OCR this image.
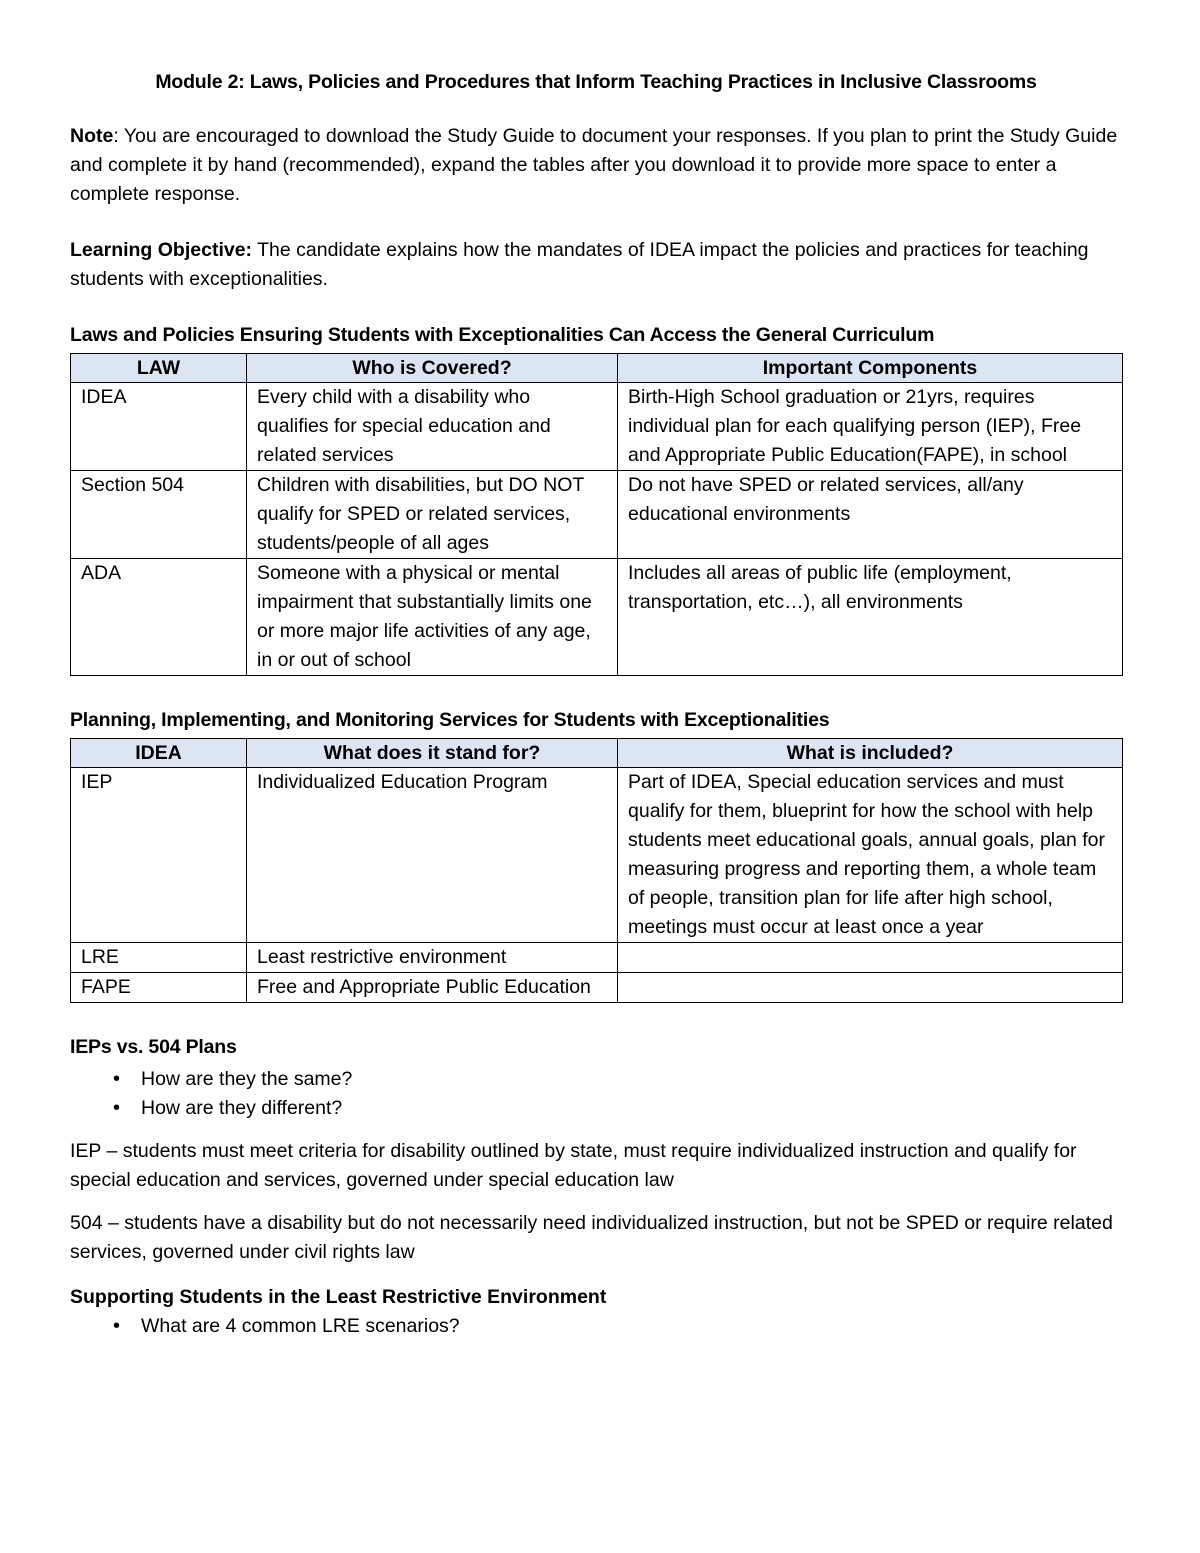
Module 2: Laws, Policies and Procedures that Inform Teaching Practices in Inclusive Classrooms

Note: You are encouraged to download the Study Guide to document your responses. If you plan to print the Study Guide and complete it by hand (recommended), expand the tables after you download it to provide more space to enter a complete response.

Learning Objective: The candidate explains how the mandates of IDEA impact the policies and practices for teaching students with exceptionalities.

Laws and Policies Ensuring Students with Exceptionalities Can Access the General Curriculum

LAW	Who is Covered?	Important Components
IDEA	Every child with a disability who qualifies for special education and related services	Birth-High School graduation or 21yrs, requires individual plan for each qualifying person (IEP), Free and Appropriate Public Education(FAPE), in school
Section 504	Children with disabilities, but DO NOT qualify for SPED or related services, students/people of all ages	Do not have SPED or related services, all/any educational environments
ADA	Someone with a physical or mental impairment that substantially limits one or more major life activities of any age, in or out of school	Includes all areas of public life (employment, transportation, etc…), all environments

Planning, Implementing, and Monitoring Services for Students with Exceptionalities

IDEA	What does it stand for?	What is included?
IEP	Individualized Education Program	Part of IDEA, Special education services and must qualify for them, blueprint for how the school with help students meet educational goals, annual goals, plan for measuring progress and reporting them, a whole team of people, transition plan for life after high school, meetings must occur at least once a year
LRE	Least restrictive environment	
FAPE	Free and Appropriate Public Education	

IEPs vs. 504 Plans

• How are they the same?
• How are they different?

IEP – students must meet criteria for disability outlined by state, must require individualized instruction and qualify for special education and services, governed under special education law

504 – students have a disability but do not necessarily need individualized instruction, but not be SPED or require related services, governed under civil rights law

Supporting Students in the Least Restrictive Environment

• What are 4 common LRE scenarios?
